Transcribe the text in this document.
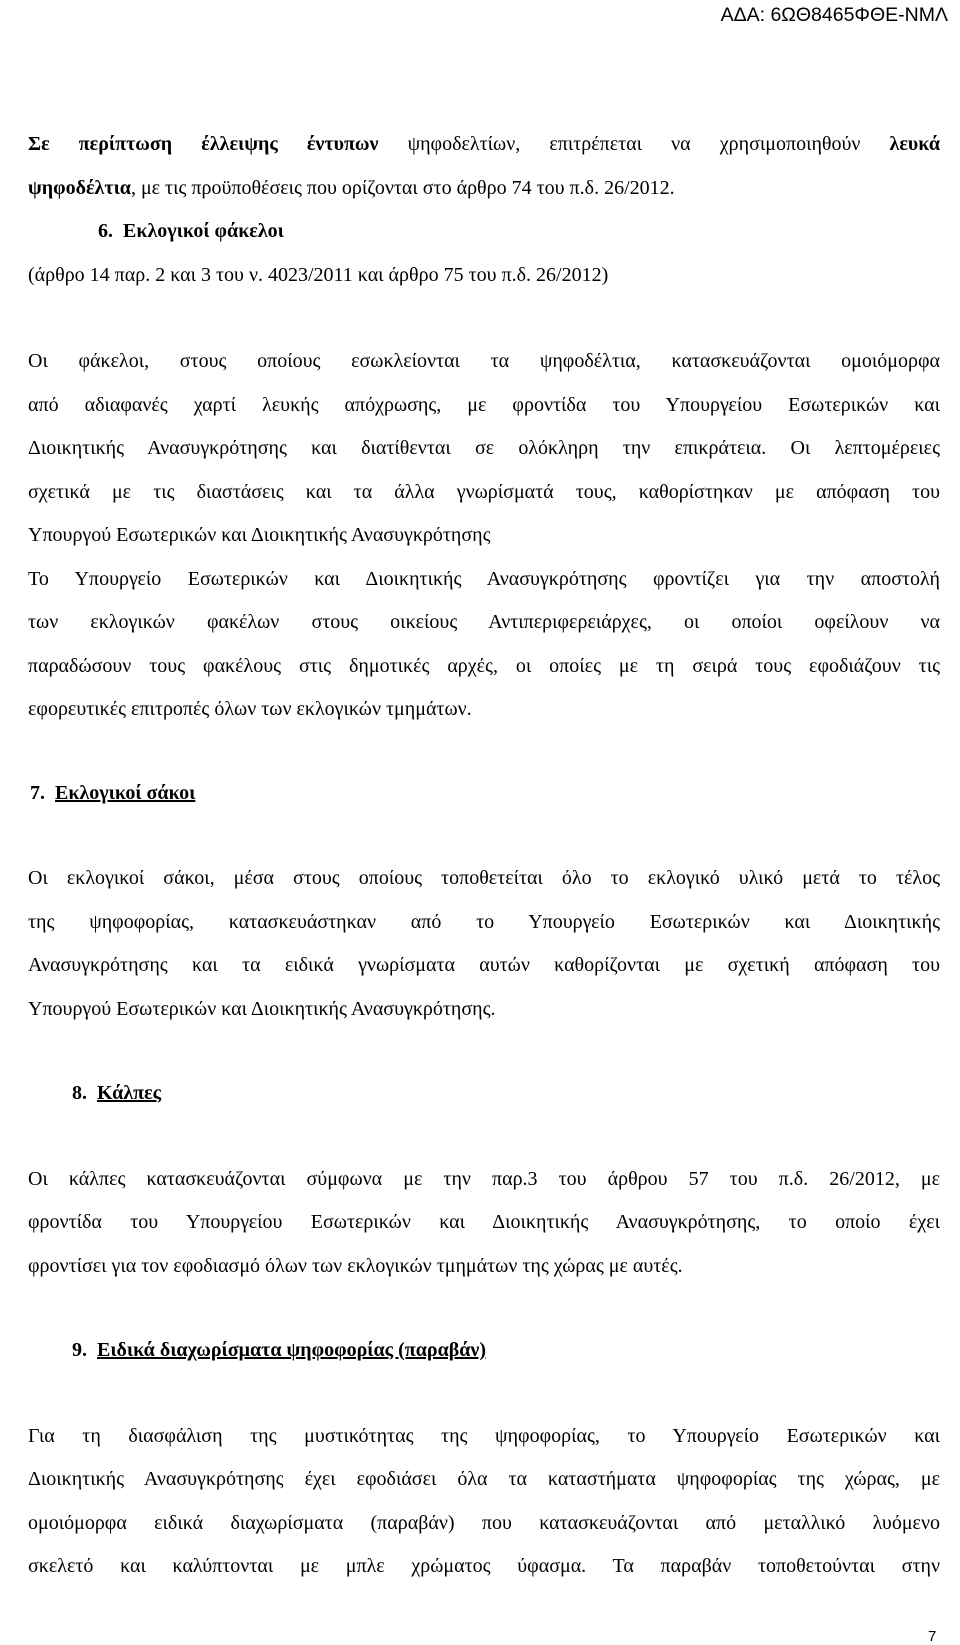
ΑΔΑ: 6ΩΘ8465ΦΘΕ-ΝΜΛ

Σε περίπτωση έλλειψης έντυπων ψηφοδελτίων, επιτρέπεται να χρησιμοποιηθούν λευκά

ψηφοδέλτια, με τις προϋποθέσεις που ορίζονται στο άρθρο 74 του π.δ. 26/2012.

6. Εκλογικοί φάκελοι

(άρθρο 14 παρ. 2 και 3 του ν. 4023/2011 και άρθρο 75 του π.δ. 26/2012)

Οι φάκελοι, στους οποίους εσωκλείονται τα ψηφοδέλτια, κατασκευάζονται ομοιόμορφα

από αδιαφανές χαρτί λευκής απόχρωσης, με φροντίδα του Υπουργείου Εσωτερικών και

Διοικητικής Ανασυγκρότησης και διατίθενται σε ολόκληρη την επικράτεια. Οι λεπτομέρειες

σχετικά με τις διαστάσεις και τα άλλα γνωρίσματά τους, καθορίστηκαν με απόφαση του

Υπουργού Εσωτερικών και Διοικητικής Ανασυγκρότησης

Το Υπουργείο Εσωτερικών και Διοικητικής Ανασυγκρότησης φροντίζει για την αποστολή

των εκλογικών φακέλων στους οικείους Αντιπεριφερειάρχες, οι οποίοι οφείλουν να

παραδώσουν τους φακέλους στις δημοτικές αρχές, οι οποίες με τη σειρά τους εφοδιάζουν τις

εφορευτικές επιτροπές όλων των εκλογικών τμημάτων.

7. Εκλογικοί σάκοι

Οι εκλογικοί σάκοι, μέσα στους οποίους τοποθετείται όλο το εκλογικό υλικό μετά το τέλος

της ψηφοφορίας, κατασκευάστηκαν από το Υπουργείο Εσωτερικών και Διοικητικής

Ανασυγκρότησης και τα ειδικά γνωρίσματα αυτών καθορίζονται με σχετική απόφαση του

Υπουργού Εσωτερικών και Διοικητικής Ανασυγκρότησης.

8. Κάλπες

Οι κάλπες κατασκευάζονται σύμφωνα με την παρ.3 του άρθρου 57 του π.δ. 26/2012, με

φροντίδα του Υπουργείου Εσωτερικών και Διοικητικής Ανασυγκρότησης, το οποίο έχει

φροντίσει για τον εφοδιασμό όλων των εκλογικών τμημάτων της χώρας με αυτές.

9. Ειδικά διαχωρίσματα ψηφοφορίας (παραβάν)

Για τη διασφάλιση της μυστικότητας της ψηφοφορίας, το Υπουργείο Εσωτερικών και

Διοικητικής Ανασυγκρότησης έχει εφοδιάσει όλα τα καταστήματα ψηφοφορίας της χώρας, με

ομοιόμορφα ειδικά διαχωρίσματα (παραβάν) που κατασκευάζονται από μεταλλικό λυόμενο

σκελετό και καλύπτονται με μπλε χρώματος ύφασμα. Τα παραβάν τοποθετούνται στην

7
